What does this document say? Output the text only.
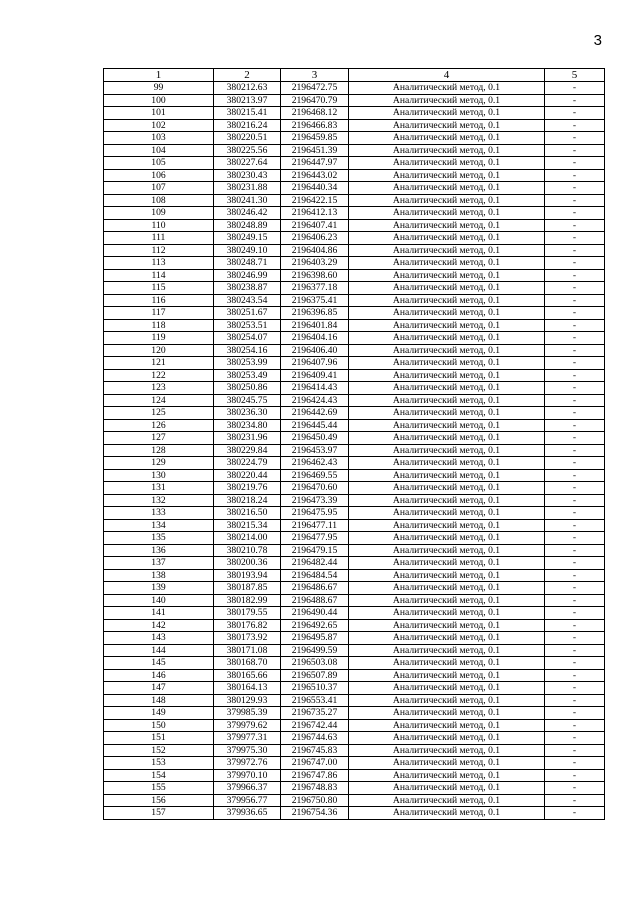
3
1	2	3	4	5
99	380212.63	2196472.75	Аналитический метод, 0.1	-
100	380213.97	2196470.79	Аналитический метод, 0.1	-
101	380215.41	2196468.12	Аналитический метод, 0.1	-
102	380216.24	2196466.83	Аналитический метод, 0.1	-
103	380220.51	2196459.85	Аналитический метод, 0.1	-
104	380225.56	2196451.39	Аналитический метод, 0.1	-
105	380227.64	2196447.97	Аналитический метод, 0.1	-
106	380230.43	2196443.02	Аналитический метод, 0.1	-
107	380231.88	2196440.34	Аналитический метод, 0.1	-
108	380241.30	2196422.15	Аналитический метод, 0.1	-
109	380246.42	2196412.13	Аналитический метод, 0.1	-
110	380248.89	2196407.41	Аналитический метод, 0.1	-
111	380249.15	2196406.23	Аналитический метод, 0.1	-
112	380249.10	2196404.86	Аналитический метод, 0.1	-
113	380248.71	2196403.29	Аналитический метод, 0.1	-
114	380246.99	2196398.60	Аналитический метод, 0.1	-
115	380238.87	2196377.18	Аналитический метод, 0.1	-
116	380243.54	2196375.41	Аналитический метод, 0.1	-
117	380251.67	2196396.85	Аналитический метод, 0.1	-
118	380253.51	2196401.84	Аналитический метод, 0.1	-
119	380254.07	2196404.16	Аналитический метод, 0.1	-
120	380254.16	2196406.40	Аналитический метод, 0.1	-
121	380253.99	2196407.96	Аналитический метод, 0.1	-
122	380253.49	2196409.41	Аналитический метод, 0.1	-
123	380250.86	2196414.43	Аналитический метод, 0.1	-
124	380245.75	2196424.43	Аналитический метод, 0.1	-
125	380236.30	2196442.69	Аналитический метод, 0.1	-
126	380234.80	2196445.44	Аналитический метод, 0.1	-
127	380231.96	2196450.49	Аналитический метод, 0.1	-
128	380229.84	2196453.97	Аналитический метод, 0.1	-
129	380224.79	2196462.43	Аналитический метод, 0.1	-
130	380220.44	2196469.55	Аналитический метод, 0.1	-
131	380219.76	2196470.60	Аналитический метод, 0.1	-
132	380218.24	2196473.39	Аналитический метод, 0.1	-
133	380216.50	2196475.95	Аналитический метод, 0.1	-
134	380215.34	2196477.11	Аналитический метод, 0.1	-
135	380214.00	2196477.95	Аналитический метод, 0.1	-
136	380210.78	2196479.15	Аналитический метод, 0.1	-
137	380200.36	2196482.44	Аналитический метод, 0.1	-
138	380193.94	2196484.54	Аналитический метод, 0.1	-
139	380187.85	2196486.67	Аналитический метод, 0.1	-
140	380182.99	2196488.67	Аналитический метод, 0.1	-
141	380179.55	2196490.44	Аналитический метод, 0.1	-
142	380176.82	2196492.65	Аналитический метод, 0.1	-
143	380173.92	2196495.87	Аналитический метод, 0.1	-
144	380171.08	2196499.59	Аналитический метод, 0.1	-
145	380168.70	2196503.08	Аналитический метод, 0.1	-
146	380165.66	2196507.89	Аналитический метод, 0.1	-
147	380164.13	2196510.37	Аналитический метод, 0.1	-
148	380129.93	2196553.41	Аналитический метод, 0.1	-
149	379985.39	2196735.27	Аналитический метод, 0.1	-
150	379979.62	2196742.44	Аналитический метод, 0.1	-
151	379977.31	2196744.63	Аналитический метод, 0.1	-
152	379975.30	2196745.83	Аналитический метод, 0.1	-
153	379972.76	2196747.00	Аналитический метод, 0.1	-
154	379970.10	2196747.86	Аналитический метод, 0.1	-
155	379966.37	2196748.83	Аналитический метод, 0.1	-
156	379956.77	2196750.80	Аналитический метод, 0.1	-
157	379936.65	2196754.36	Аналитический метод, 0.1	-
